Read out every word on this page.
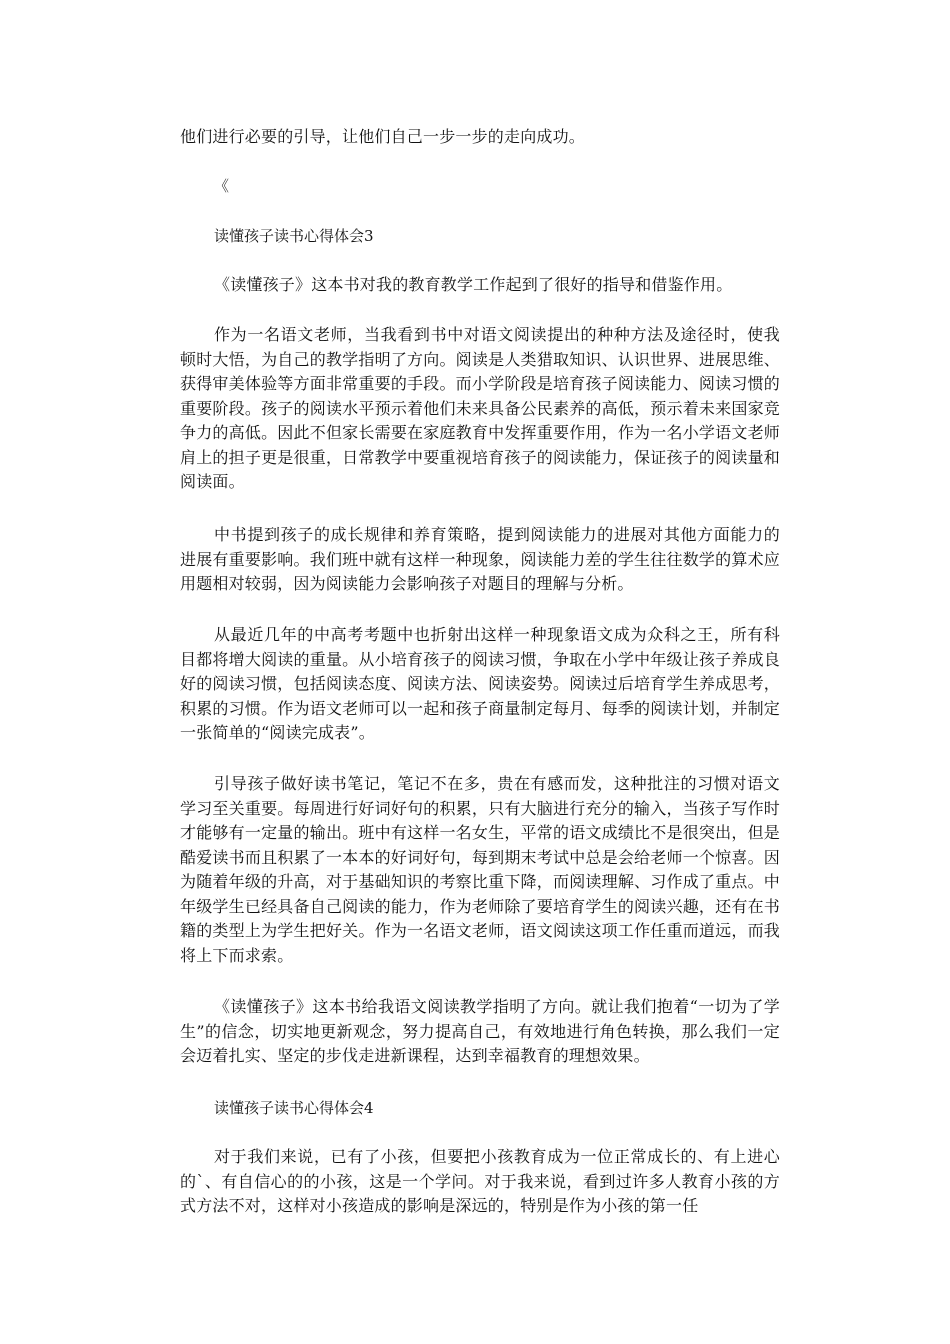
他们进行必要的引导，让他们自己一步一步的走向成功。

《

读懂孩子读书心得体会3

《读懂孩子》这本书对我的教育教学工作起到了很好的指导和借鉴作用。

作为一名语文老师，当我看到书中对语文阅读提出的种种方法及途径时，使我顿时大悟，为自己的教学指明了方向。阅读是人类猎取知识、认识世界、进展思维、获得审美体验等方面非常重要的手段。而小学阶段是培育孩子阅读能力、阅读习惯的重要阶段。孩子的阅读水平预示着他们未来具备公民素养的高低，预示着未来国家竞争力的高低。因此不但家长需要在家庭教育中发挥重要作用，作为一名小学语文老师肩上的担子更是很重，日常教学中要重视培育孩子的阅读能力，保证孩子的阅读量和阅读面。

中书提到孩子的成长规律和养育策略，提到阅读能力的进展对其他方面能力的进展有重要影响。我们班中就有这样一种现象，阅读能力差的学生往往数学的算术应用题相对较弱，因为阅读能力会影响孩子对题目的理解与分析。

从最近几年的中高考考题中也折射出这样一种现象语文成为众科之王，所有科目都将增大阅读的重量。从小培育孩子的阅读习惯，争取在小学中年级让孩子养成良好的阅读习惯，包括阅读态度、阅读方法、阅读姿势。阅读过后培育学生养成思考，积累的习惯。作为语文老师可以一起和孩子商量制定每月、每季的阅读计划，并制定一张简单的“阅读完成表”。

引导孩子做好读书笔记，笔记不在多，贵在有感而发，这种批注的习惯对语文学习至关重要。每周进行好词好句的积累，只有大脑进行充分的输入，当孩子写作时才能够有一定量的输出。班中有这样一名女生，平常的语文成绩比不是很突出，但是酷爱读书而且积累了一本本的好词好句，每到期末考试中总是会给老师一个惊喜。因为随着年级的升高，对于基础知识的考察比重下降，而阅读理解、习作成了重点。中年级学生已经具备自己阅读的能力，作为老师除了要培育学生的阅读兴趣，还有在书籍的类型上为学生把好关。作为一名语文老师，语文阅读这项工作任重而道远，而我将上下而求索。

《读懂孩子》这本书给我语文阅读教学指明了方向。就让我们抱着“一切为了学生”的信念，切实地更新观念，努力提高自己，有效地进行角色转换，那么我们一定会迈着扎实、坚定的步伐走进新课程，达到幸福教育的理想效果。

读懂孩子读书心得体会4

对于我们来说，已有了小孩，但要把小孩教育成为一位正常成长的、有上进心的`、有自信心的的小孩，这是一个学问。对于我来说，看到过许多人教育小孩的方式方法不对，这样对小孩造成的影响是深远的，特别是作为小孩的第一任
